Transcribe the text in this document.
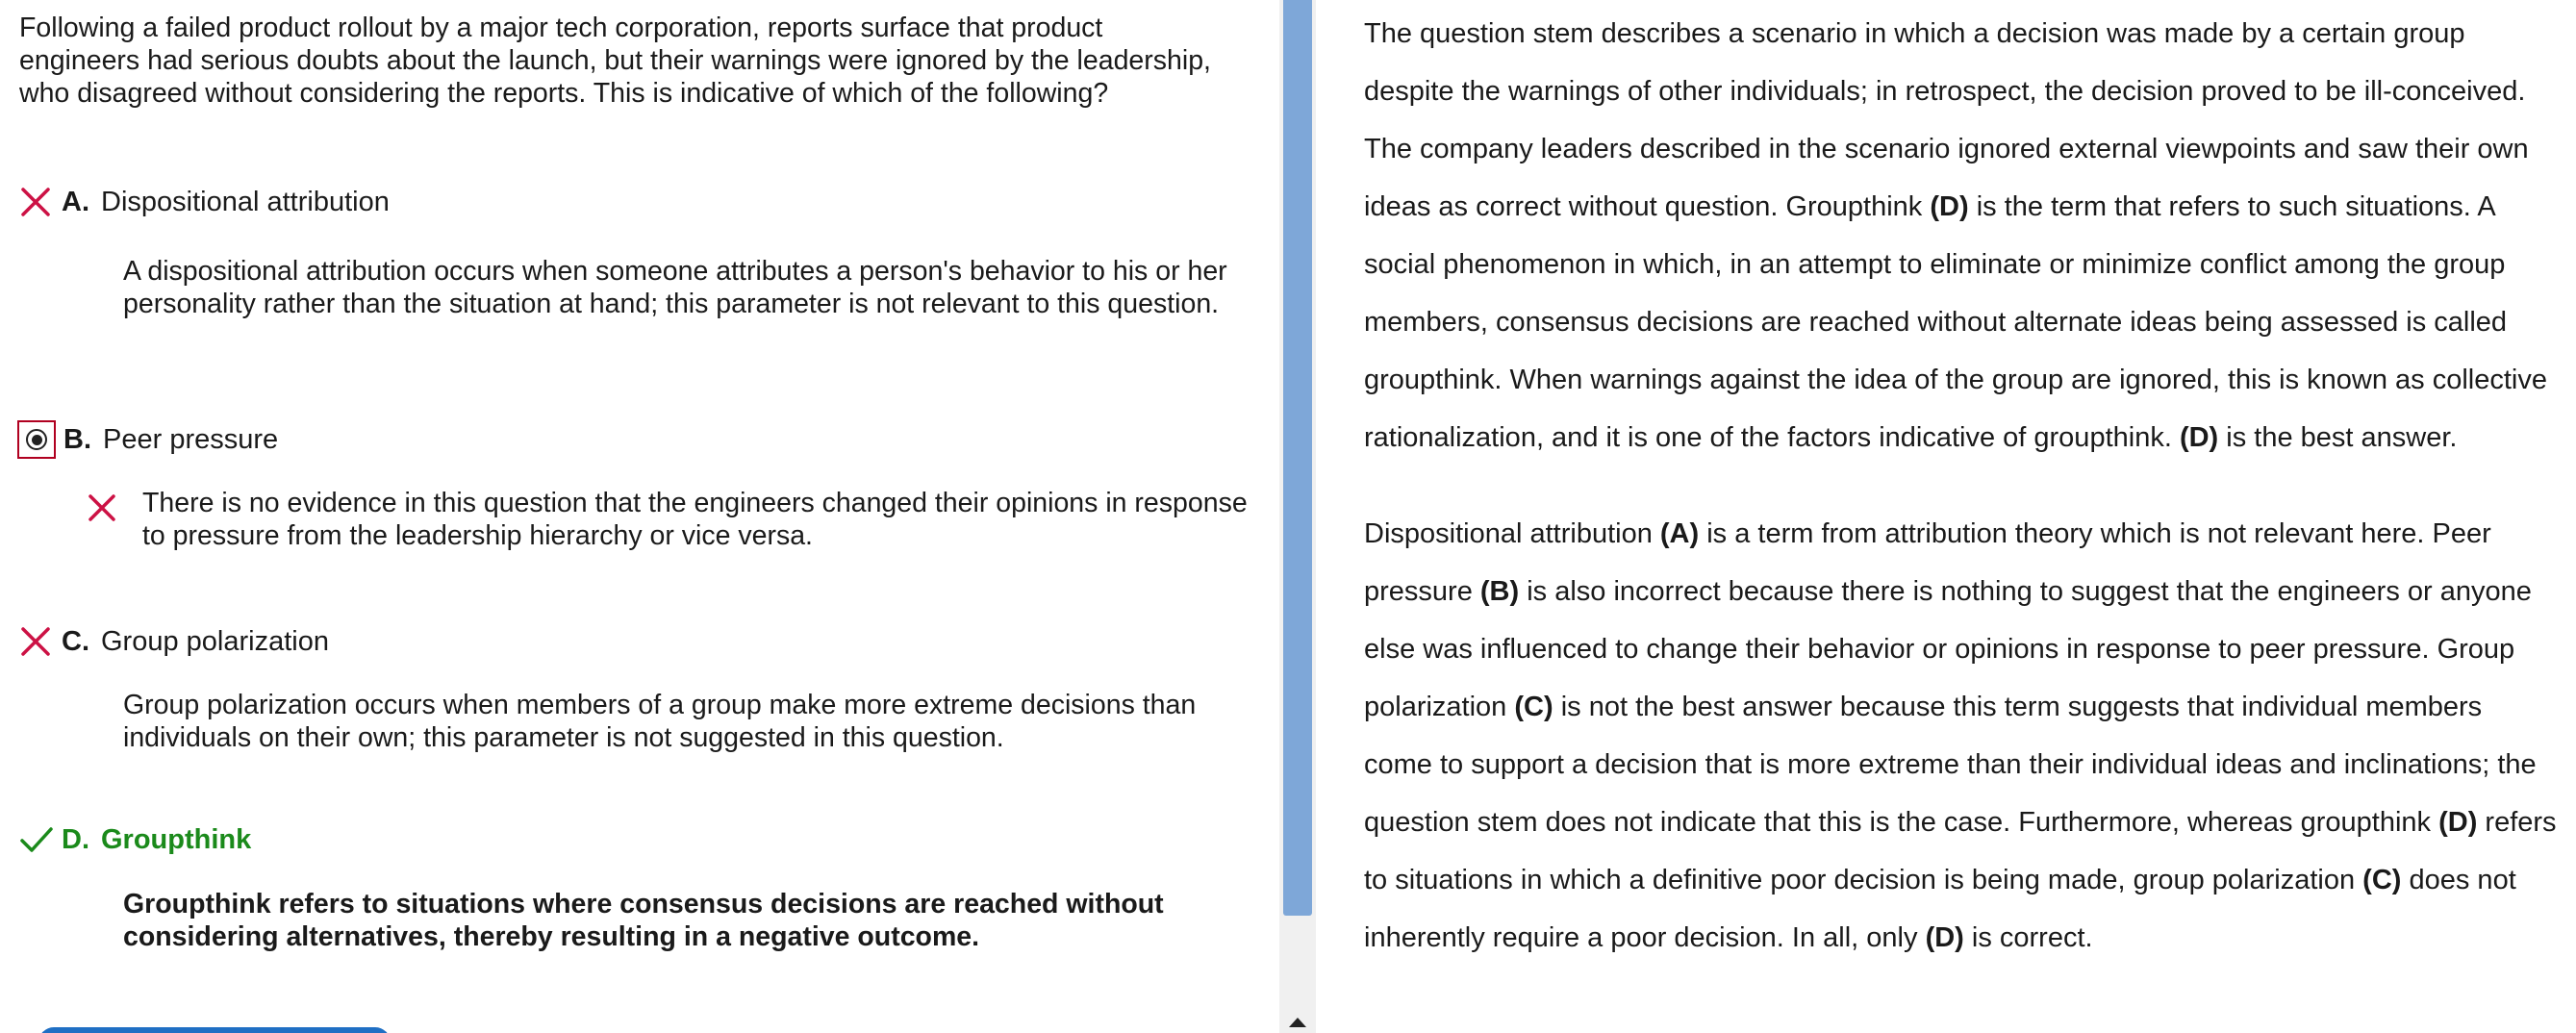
Following a failed product rollout by a major tech corporation, reports surface that product engineers had serious doubts about the launch, but their warnings were ignored by the leadership, who disagreed without considering the reports. This is indicative of which of the following?
A. Dispositional attribution
A dispositional attribution occurs when someone attributes a person's behavior to his or her personality rather than the situation at hand; this parameter is not relevant to this question.
B. Peer pressure
There is no evidence in this question that the engineers changed their opinions in response to pressure from the leadership hierarchy or vice versa.
C. Group polarization
Group polarization occurs when members of a group make more extreme decisions than individuals on their own; this parameter is not suggested in this question.
D. Groupthink
Groupthink refers to situations where consensus decisions are reached without considering alternatives, thereby resulting in a negative outcome.

The question stem describes a scenario in which a decision was made by a certain group despite the warnings of other individuals; in retrospect, the decision proved to be ill-conceived. The company leaders described in the scenario ignored external viewpoints and saw their own ideas as correct without question. Groupthink (D) is the term that refers to such situations. A social phenomenon in which, in an attempt to eliminate or minimize conflict among the group members, consensus decisions are reached without alternate ideas being assessed is called groupthink. When warnings against the idea of the group are ignored, this is known as collective rationalization, and it is one of the factors indicative of groupthink. (D) is the best answer.

Dispositional attribution (A) is a term from attribution theory which is not relevant here. Peer pressure (B) is also incorrect because there is nothing to suggest that the engineers or anyone else was influenced to change their behavior or opinions in response to peer pressure. Group polarization (C) is not the best answer because this term suggests that individual members come to support a decision that is more extreme than their individual ideas and inclinations; the question stem does not indicate that this is the case. Furthermore, whereas groupthink (D) refers to situations in which a definitive poor decision is being made, group polarization (C) does not inherently require a poor decision. In all, only (D) is correct.
